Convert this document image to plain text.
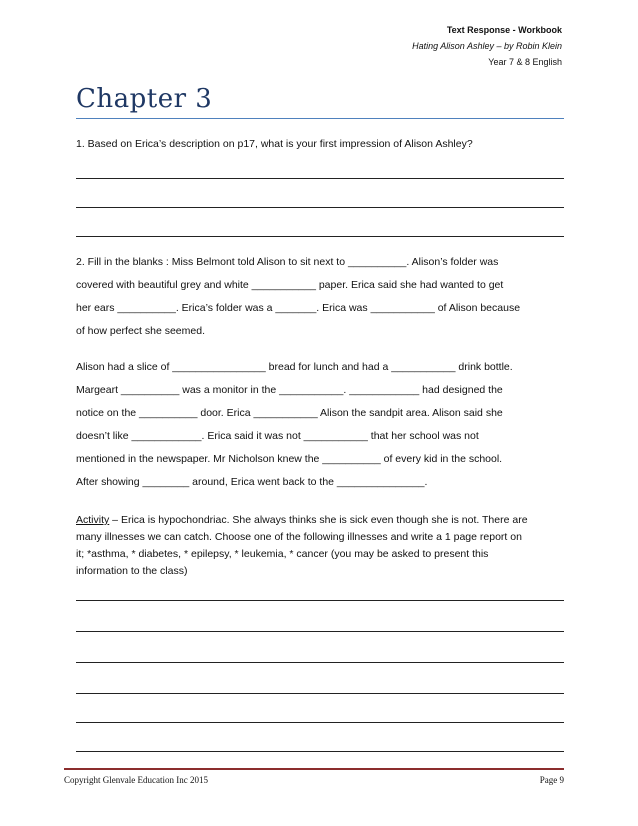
Text Response - Workbook
Hating Alison Ashley – by Robin Klein
Year 7 & 8 English
Chapter 3
1. Based on Erica’s description on p17, what is your first impression of Alison Ashley?
2. Fill in the blanks : Miss Belmont told Alison to sit next to __________. Alison’s folder was
covered with beautiful grey and white ___________ paper. Erica said she had wanted to get
her ears __________. Erica’s folder was a _______. Erica was ___________ of Alison because
of how perfect she seemed.
Alison had a slice of ________________ bread for lunch and had a ___________ drink bottle.
Margeart __________ was a monitor in the ___________. ____________ had designed the
notice on the __________ door. Erica ___________ Alison the sandpit area. Alison said she
doesn’t like ____________. Erica said it was not ___________ that her school was not
mentioned in the newspaper. Mr Nicholson knew the __________ of every kid in the school.
After showing ________ around, Erica went back to the _______________.
Activity – Erica is hypochondriac. She always thinks she is sick even though she is not. There are
many illnesses we can catch. Choose one of the following illnesses and write a 1 page report on
it; *asthma, * diabetes, * epilepsy, * leukemia, * cancer (you may be asked to present this
information to the class)
Copyright Glenvale Education Inc 2015	Page 9
